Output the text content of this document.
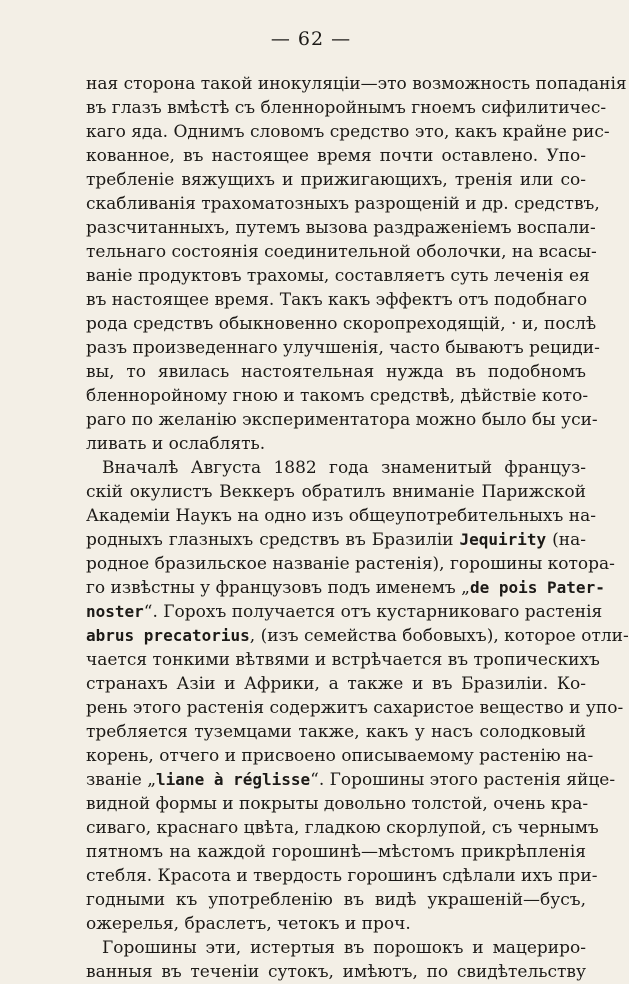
— 62 —
ная сторона такой инокуляціи—это возможность попаданія
въ глазъ вмѣстѣ съ бленноройнымъ гноемъ сифилитичес-
каго яда. Однимъ словомъ средство это, какъ крайне рис-
кованное, въ настоящее время почти оставлено. Упо-
требленіе вяжущихъ и прижигающихъ, тренія или со-
скабливанія трахоматозныхъ разрощеній и др. средствъ,
разсчитанныхъ, путемъ вызова раздраженіемъ воспали-
тельнаго состоянія соединительной оболочки, на всасы-
ваніе продуктовъ трахомы, составляетъ суть леченія ея
въ настоящее время. Такъ какъ эффектъ отъ подобнаго
рода средствъ обыкновенно скоропреходящій, · и, послѣ
разъ произведеннаго улучшенія, часто бываютъ рециди-
вы, то явилась настоятельная нужда въ подобномъ
бленноройному гною и такомъ средствѣ, дѣйствіе кото-
раго по желанію экспериментатора можно было бы уси-
ливать и ослаблять.
Вначалѣ Августа 1882 года знаменитый француз-
скій окулистъ Веккеръ обратилъ вниманіе Парижской
Академіи Наукъ на одно изъ общеупотребительныхъ на-
родныхъ глазныхъ средствъ въ Бразиліи Jequirity (на-
родное бразильское названіе растенія), горошины котора-
го извѣстны у французовъ подъ именемъ „de pois Pater-
noster“. Горохъ получается отъ кустарниковаго растенія
abrus precatorius, (изъ семейства бобовыхъ), которое отли-
чается тонкими вѣтвями и встрѣчается въ тропическихъ
странахъ Азіи и Африки, а также и въ Бразиліи. Ко-
рень этого растенія содержитъ сахаристое вещество и упо-
требляется туземцами также, какъ у насъ солодковый
корень, отчего и присвоено описываемому растенію на-
званіе „liane à réglisse“. Горошины этого растенія яйце-
видной формы и покрыты довольно толстой, очень кра-
сиваго, краснаго цвѣта, гладкою скорлупой, съ чернымъ
пятномъ на каждой горошинѣ—мѣстомъ прикрѣпленія
стебля. Красота и твердость горошинъ сдѣлали ихъ при-
годными къ употребленію въ видѣ украшеній—бусъ,
ожерелья, браслетъ, четокъ и проч.
Горошины эти, истертыя въ порошокъ и мацериро-
ванныя въ теченіи сутокъ, имѣютъ, по свидѣтельству
